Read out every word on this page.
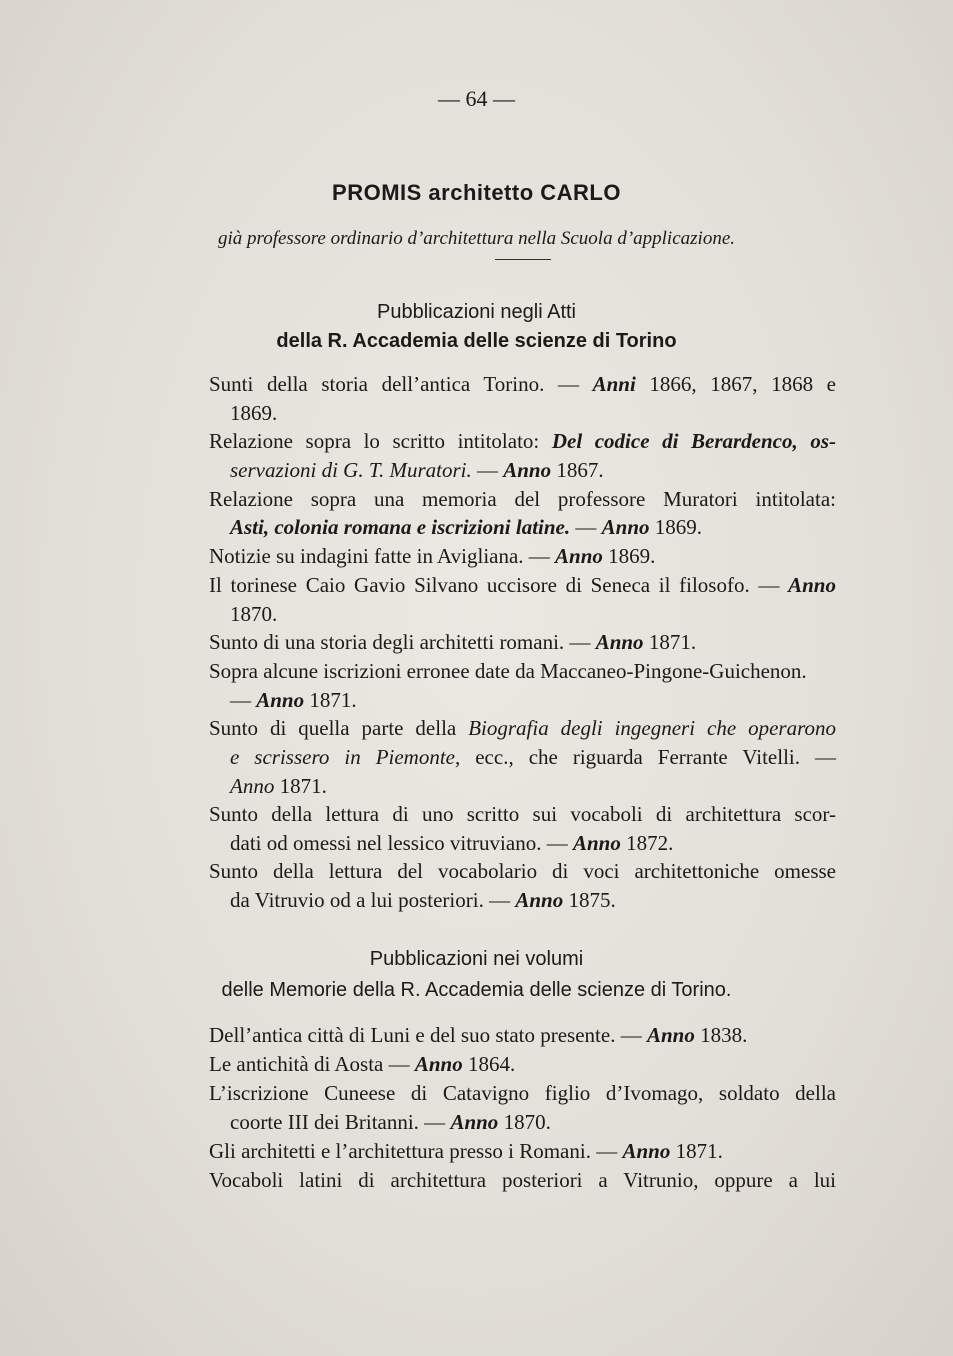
— 64 —
PROMIS architetto CARLO
già professore ordinario d’architettura nella Scuola d’applicazione.
Pubblicazioni negli Atti
della R. Accademia delle scienze di Torino
Sunti della storia dell’antica Torino. — Anni 1866, 1867, 1868 e
1869.
Relazione sopra lo scritto intitolato: Del codice di Berardenco, os-
servazioni di G. T. Muratori. — Anno 1867.
Relazione sopra una memoria del professore Muratori intitolata:
Asti, colonia romana e iscrizioni latine. — Anno 1869.
Notizie su indagini fatte in Avigliana. — Anno 1869.
Il torinese Caio Gavio Silvano uccisore di Seneca il filosofo. — Anno
1870.
Sunto di una storia degli architetti romani. — Anno 1871.
Sopra alcune iscrizioni erronee date da Maccaneo-Pingone-Guichenon.
— Anno 1871.
Sunto di quella parte della Biografia degli ingegneri che operarono
e scrissero in Piemonte, ecc., che riguarda Ferrante Vitelli. —
Anno 1871.
Sunto della lettura di uno scritto sui vocaboli di architettura scor-
dati od omessi nel lessico vitruviano. — Anno 1872.
Sunto della lettura del vocabolario di voci architettoniche omesse
da Vitruvio od a lui posteriori. — Anno 1875.
Pubblicazioni nei volumi
delle Memorie della R. Accademia delle scienze di Torino.
Dell’antica città di Luni e del suo stato presente. — Anno 1838.
Le antichità di Aosta — Anno 1864.
L’iscrizione Cuneese di Catavigno figlio d’Ivomago, soldato della
coorte III dei Britanni. — Anno 1870.
Gli architetti e l’architettura presso i Romani. — Anno 1871.
Vocaboli latini di architettura posteriori a Vitrunio, oppure a lui
